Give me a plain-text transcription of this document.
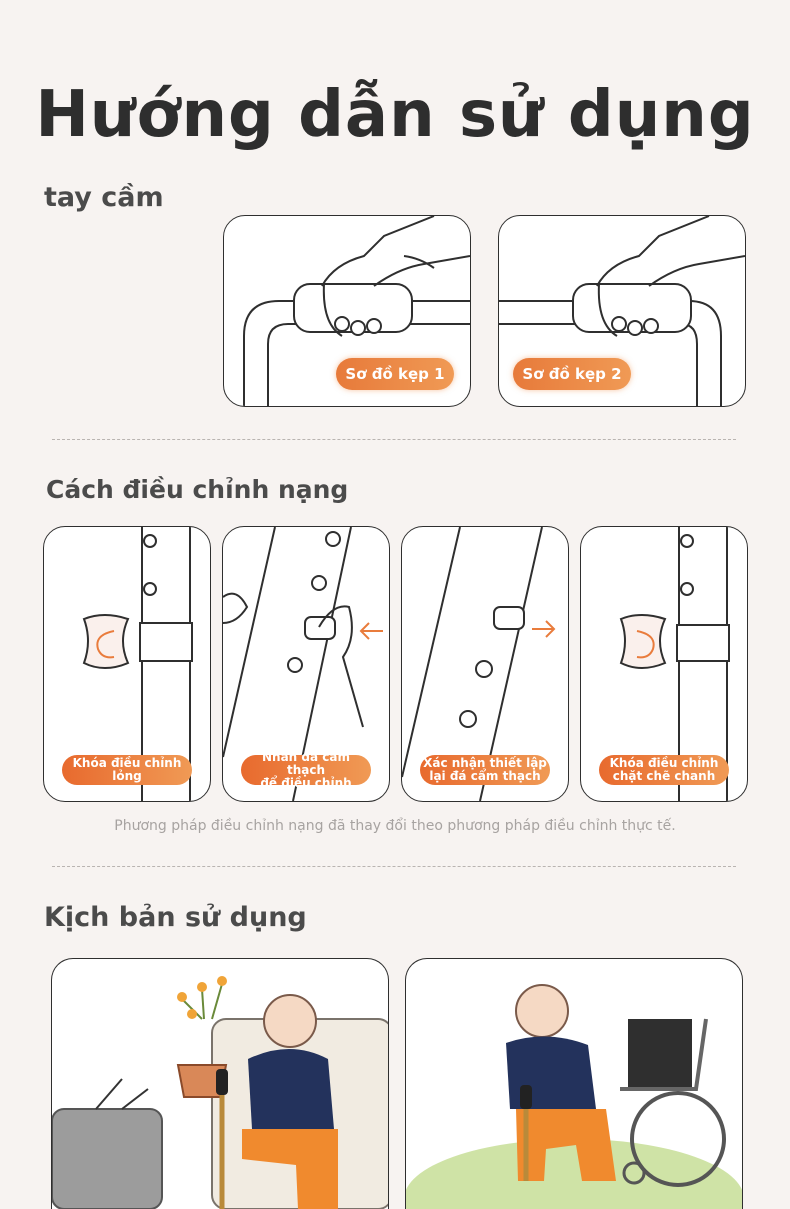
Hướng dẫn sử dụng
tay cầm
Sơ đồ kẹp 1	Sơ đồ kẹp 2
Cách điều chỉnh nạng
Khóa điều chỉnh
lỏng
Nhấn đá cẩm thạch
để điều chỉnh
Xác nhận thiết lập
lại đá cẩm thạch
Khóa điều chỉnh
chặt chẽ chanh
Phương pháp điều chỉnh nạng đã thay đổi theo phương pháp điều chỉnh thực tế.
Kịch bản sử dụng
